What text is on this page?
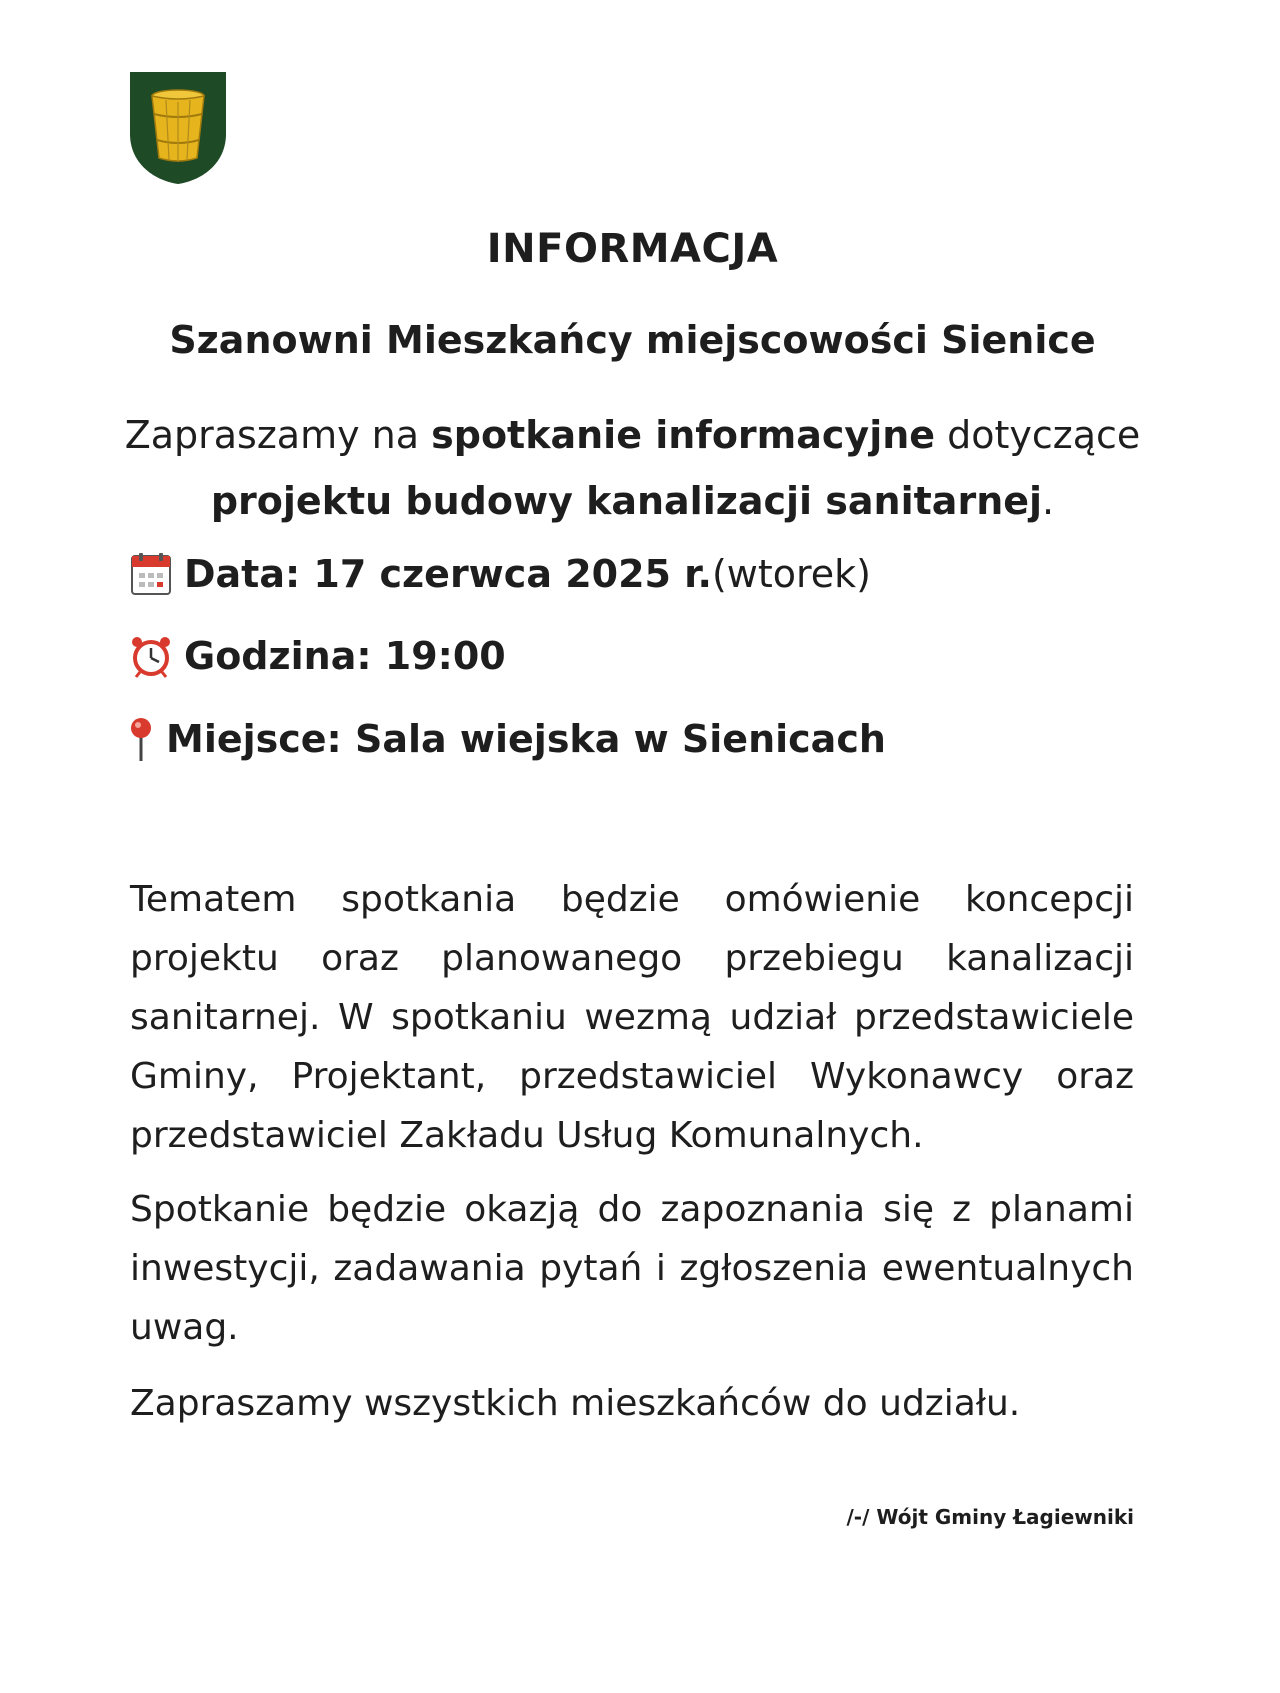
INFORMACJA
Szanowni Mieszkańcy miejscowości Sienice
Zapraszamy na spotkanie informacyjne dotyczące
projektu budowy kanalizacji sanitarnej.
Data: 17 czerwca 2025 r. (wtorek)
Godzina: 19:00
Miejsce: Sala wiejska w Sienicach

Tematem spotkania będzie omówienie koncepcji projektu oraz planowanego przebiegu kanalizacji sanitarnej. W spotkaniu wezmą udział przedstawiciele Gminy, Projektant, przedstawiciel Wykonawcy oraz przedstawiciel Zakładu Usług Komunalnych.

Spotkanie będzie okazją do zapoznania się z planami inwestycji, zadawania pytań i zgłoszenia ewentualnych uwag.

Zapraszamy wszystkich mieszkańców do udziału.

/-/ Wójt Gminy Łagiewniki
